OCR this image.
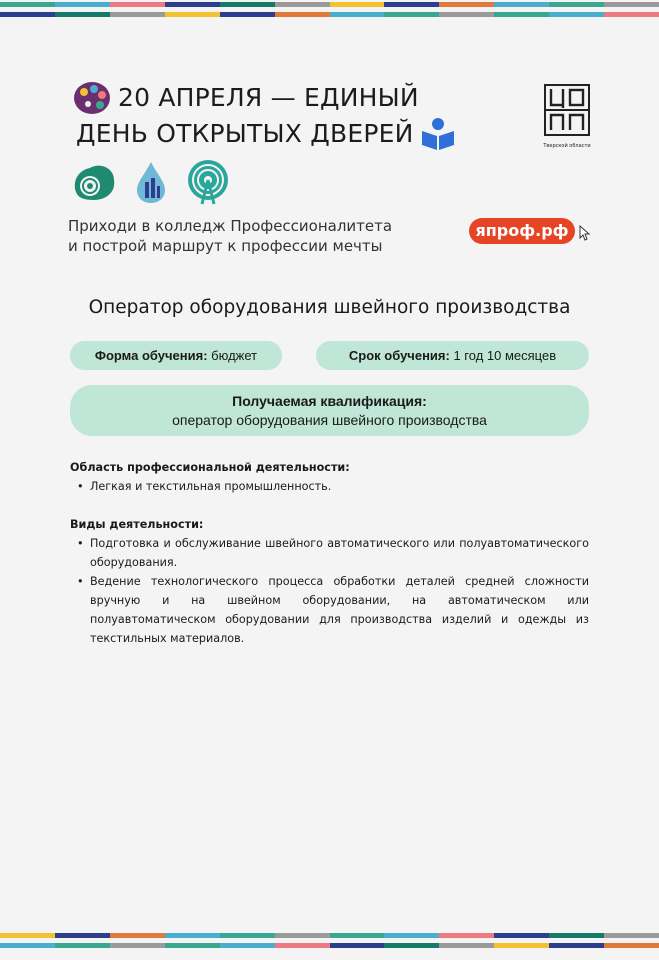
20 АПРЕЛЯ — ЕДИНЫЙ
ДЕНЬ ОТКРЫТЫХ ДВЕРЕЙ	Тверской области
Приходи в колледж Профессионалитета
и построй маршрут к профессии мечты
япроф.рф
Оператор оборудования швейного производства
Форма обучения: бюджет	Срок обучения: 1 год 10 месяцев
Получаемая квалификация:
оператор оборудования швейного производства
Область профессиональной деятельности:
• Легкая и текстильная промышленность.
Виды деятельности:
• Подготовка и обслуживание швейного автоматического или полуавтоматического оборудования.
• Ведение технологического процесса обработки деталей средней сложности вручную и на швейном оборудовании, на автоматическом или полуавтоматическом оборудовании для производства изделий и одежды из текстильных материалов.
